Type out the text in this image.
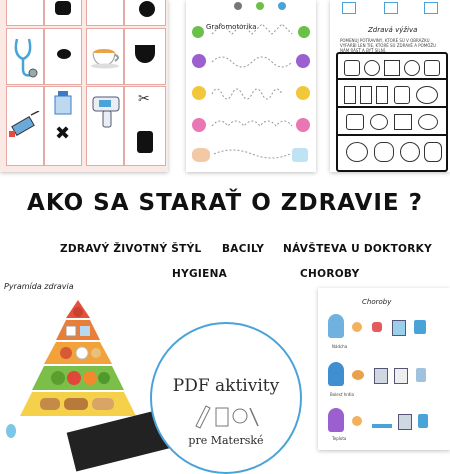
✖
✂
Grafomotorika	Zdravá výživa
POMENUJ POTRAVINY, KTORÉ SÚ V OBRÁZKU. VYFARBI LEN TIE, KTORÉ SÚ ZDRAVÉ A POMÔŽU NÁM RÁSŤ A BYŤ SILNÍ.
AKO SA STARAŤ O ZDRAVIE ?
ZDRAVÝ ŽIVOTNÝ ŠTÝL BACILY NÁVŠTEVA U DOKTORKY
HYGIENA	CHOROBY
Pyramída zdravia
PDF aktivity
pre Materské
Choroby
Nádcha
Bolesť hrdla
Teplota
